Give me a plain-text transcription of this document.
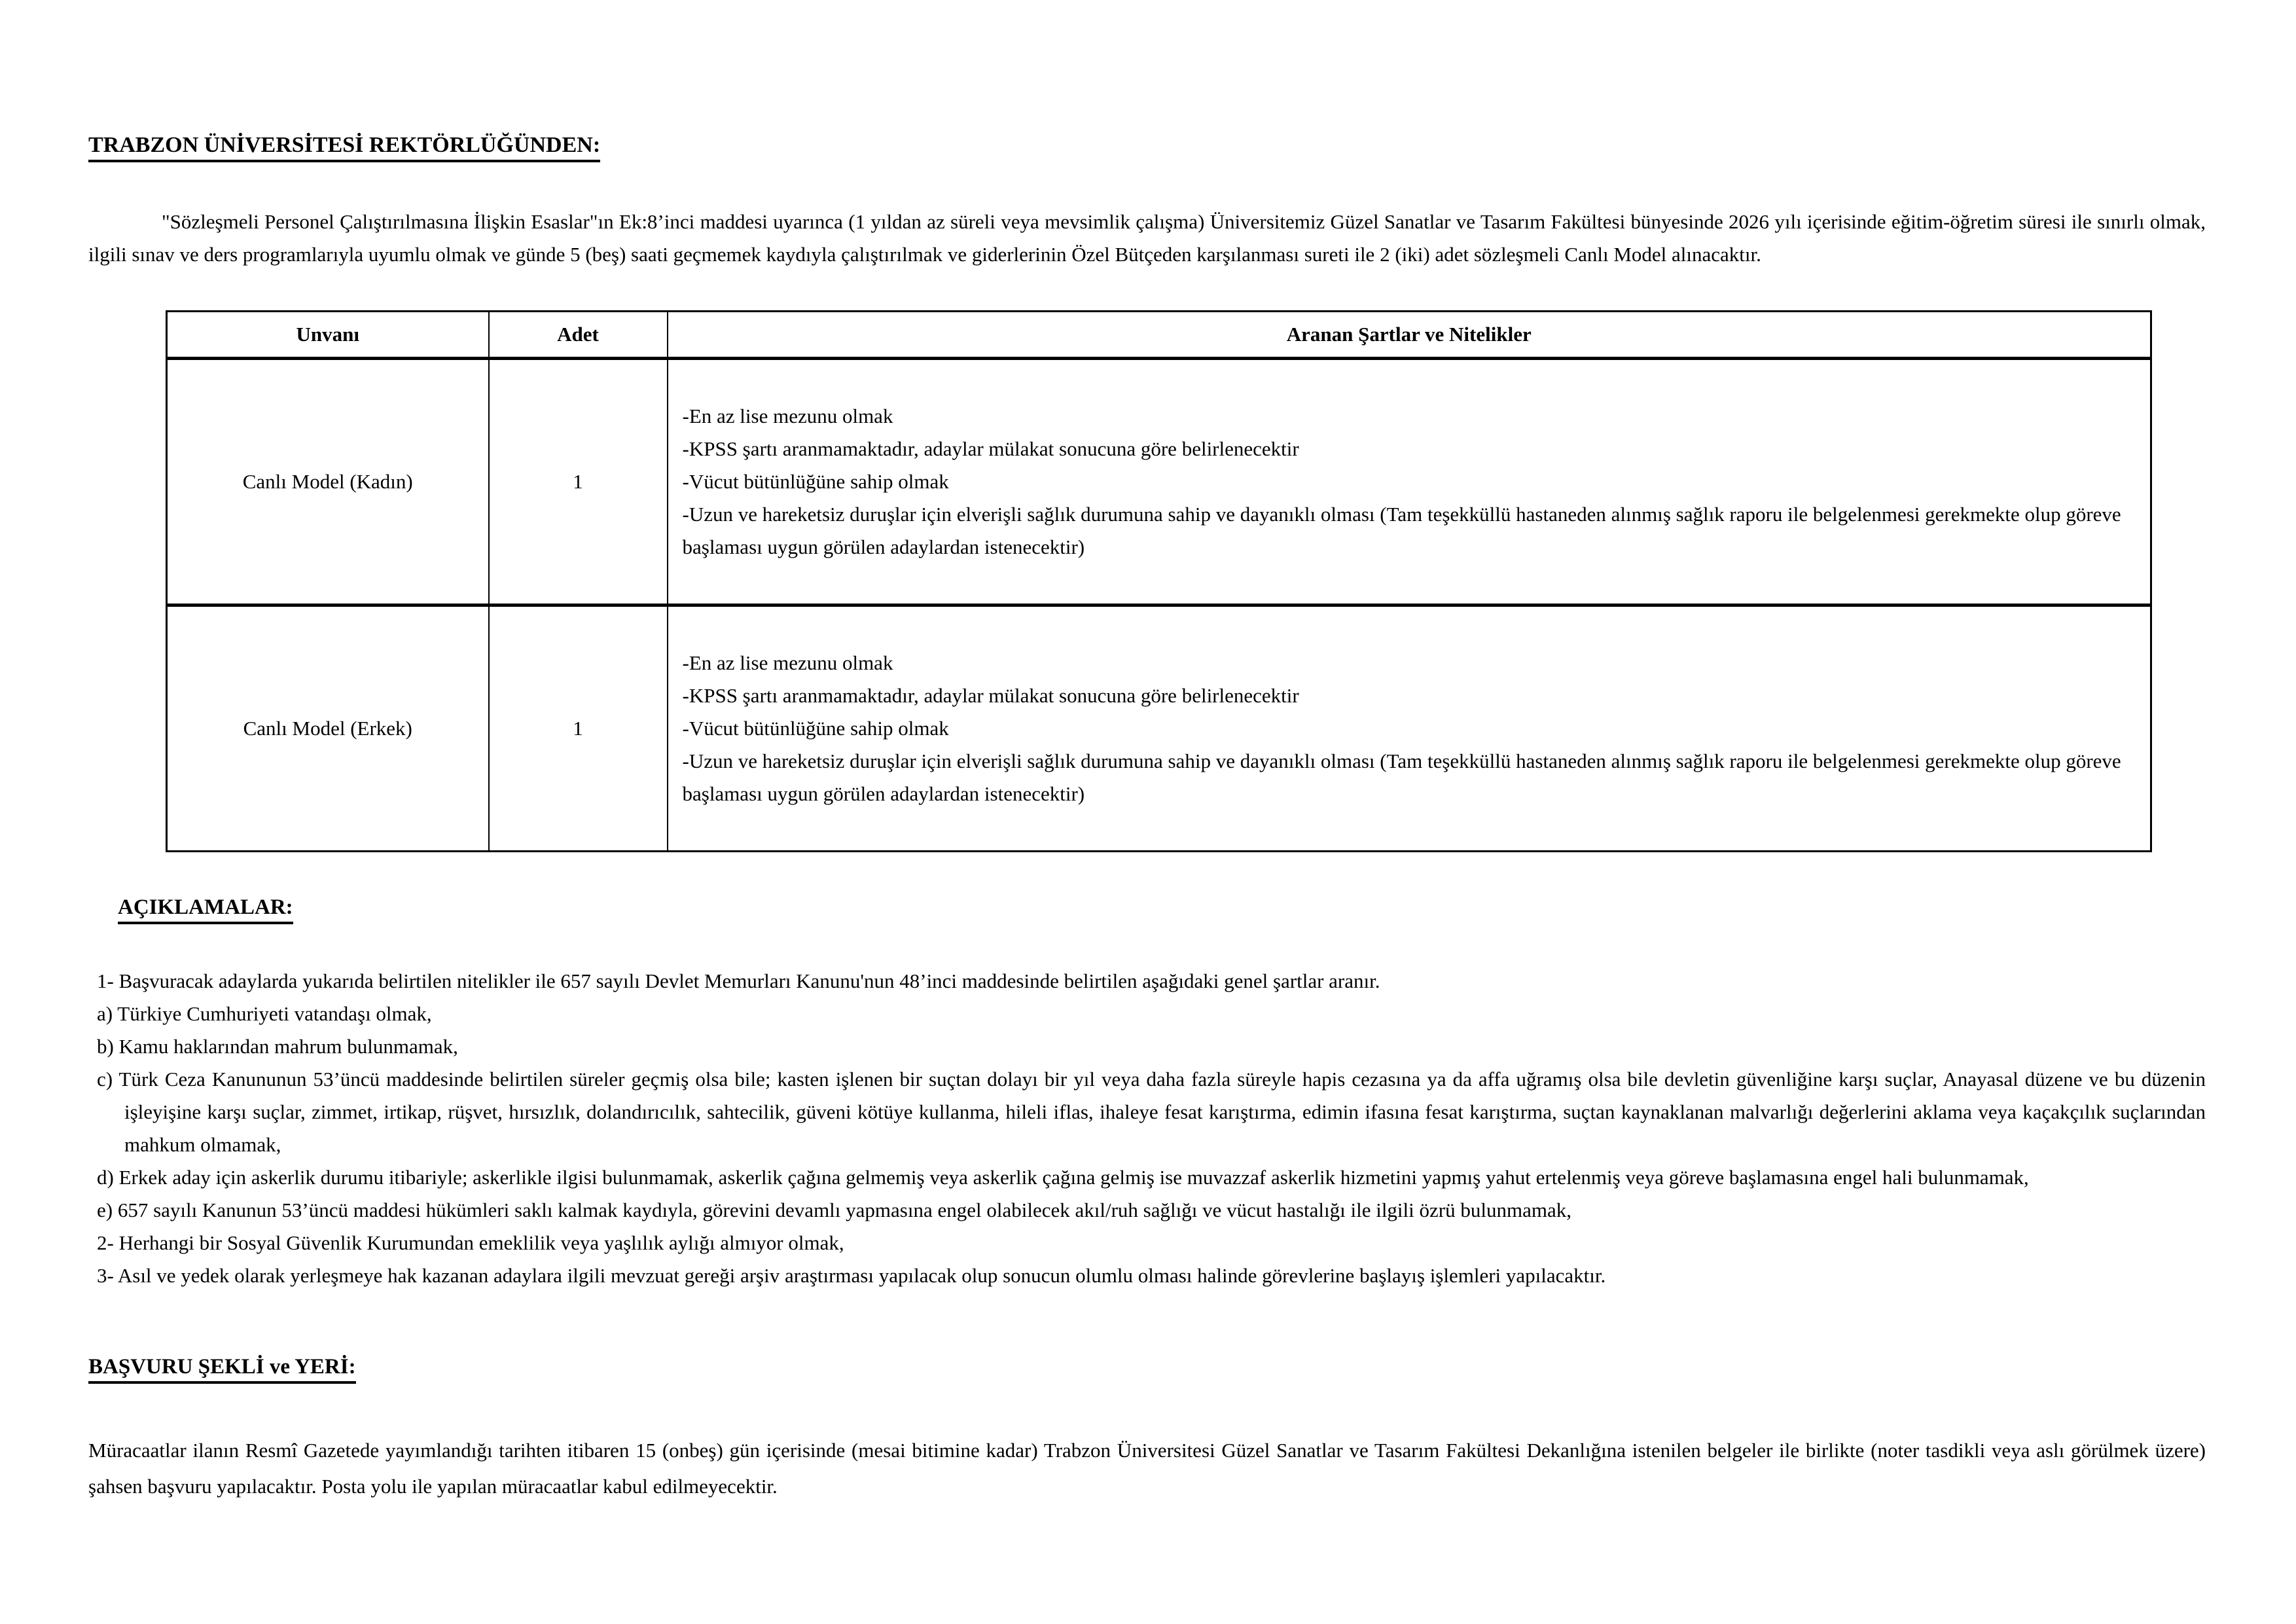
TRABZON ÜNİVERSİTESİ REKTÖRLÜĞÜNDEN:

"Sözleşmeli Personel Çalıştırılmasına İlişkin Esaslar"ın Ek:8’inci maddesi uyarınca (1 yıldan az süreli veya mevsimlik çalışma) Üniversitemiz Güzel Sanatlar ve Tasarım Fakültesi bünyesinde 2026 yılı içerisinde eğitim-öğretim süresi ile sınırlı olmak, ilgili sınav ve ders programlarıyla uyumlu olmak ve günde 5 (beş) saati geçmemek kaydıyla çalıştırılmak ve giderlerinin Özel Bütçeden karşılanması sureti ile 2 (iki) adet sözleşmeli Canlı Model alınacaktır.

Unvanı	Adet	Aranan Şartlar ve Nitelikler
Canlı Model (Kadın)	1	-En az lise mezunu olmak
-KPSS şartı aranmamaktadır, adaylar mülakat sonucuna göre belirlenecektir
-Vücut bütünlüğüne sahip olmak
-Uzun ve hareketsiz duruşlar için elverişli sağlık durumuna sahip ve dayanıklı olması (Tam teşekküllü hastaneden alınmış sağlık raporu ile belgelenmesi gerekmekte olup göreve başlaması uygun görülen adaylardan istenecektir)

Canlı Model (Erkek)	1	-En az lise mezunu olmak
-KPSS şartı aranmamaktadır, adaylar mülakat sonucuna göre belirlenecektir
-Vücut bütünlüğüne sahip olmak
-Uzun ve hareketsiz duruşlar için elverişli sağlık durumuna sahip ve dayanıklı olması (Tam teşekküllü hastaneden alınmış sağlık raporu ile belgelenmesi gerekmekte olup göreve başlaması uygun görülen adaylardan istenecektir)
AÇIKLAMALAR:
1- Başvuracak adaylarda yukarıda belirtilen nitelikler ile 657 sayılı Devlet Memurları Kanunu'nun 48’inci maddesinde belirtilen aşağıdaki genel şartlar aranır.
a) Türkiye Cumhuriyeti vatandaşı olmak,
b) Kamu haklarından mahrum bulunmamak,
c) Türk Ceza Kanununun 53’üncü maddesinde belirtilen süreler geçmiş olsa bile; kasten işlenen bir suçtan dolayı bir yıl veya daha fazla süreyle hapis cezasına ya da affa uğramış olsa bile devletin güvenliğine karşı suçlar, Anayasal düzene ve bu düzenin işleyişine karşı suçlar, zimmet, irtikap, rüşvet, hırsızlık, dolandırıcılık, sahtecilik, güveni kötüye kullanma, hileli iflas, ihaleye fesat karıştırma, edimin ifasına fesat karıştırma, suçtan kaynaklanan malvarlığı değerlerini aklama veya kaçakçılık suçlarından mahkum olmamak,
d) Erkek aday için askerlik durumu itibariyle; askerlikle ilgisi bulunmamak, askerlik çağına gelmemiş veya askerlik çağına gelmiş ise muvazzaf askerlik hizmetini yapmış yahut ertelenmiş veya göreve başlamasına engel hali bulunmamak,
e) 657 sayılı Kanunun 53’üncü maddesi hükümleri saklı kalmak kaydıyla, görevini devamlı yapmasına engel olabilecek akıl/ruh sağlığı ve vücut hastalığı ile ilgili özrü bulunmamak,
2- Herhangi bir Sosyal Güvenlik Kurumundan emeklilik veya yaşlılık aylığı almıyor olmak,
3- Asıl ve yedek olarak yerleşmeye hak kazanan adaylara ilgili mevzuat gereği arşiv araştırması yapılacak olup sonucun olumlu olması halinde görevlerine başlayış işlemleri yapılacaktır.
BAŞVURU ŞEKLİ ve YERİ:

Müracaatlar ilanın Resmî Gazetede yayımlandığı tarihten itibaren 15 (onbeş) gün içerisinde (mesai bitimine kadar) Trabzon Üniversitesi Güzel Sanatlar ve Tasarım Fakültesi Dekanlığına istenilen belgeler ile birlikte (noter tasdikli veya aslı görülmek üzere) şahsen başvuru yapılacaktır. Posta yolu ile yapılan müracaatlar kabul edilmeyecektir.
